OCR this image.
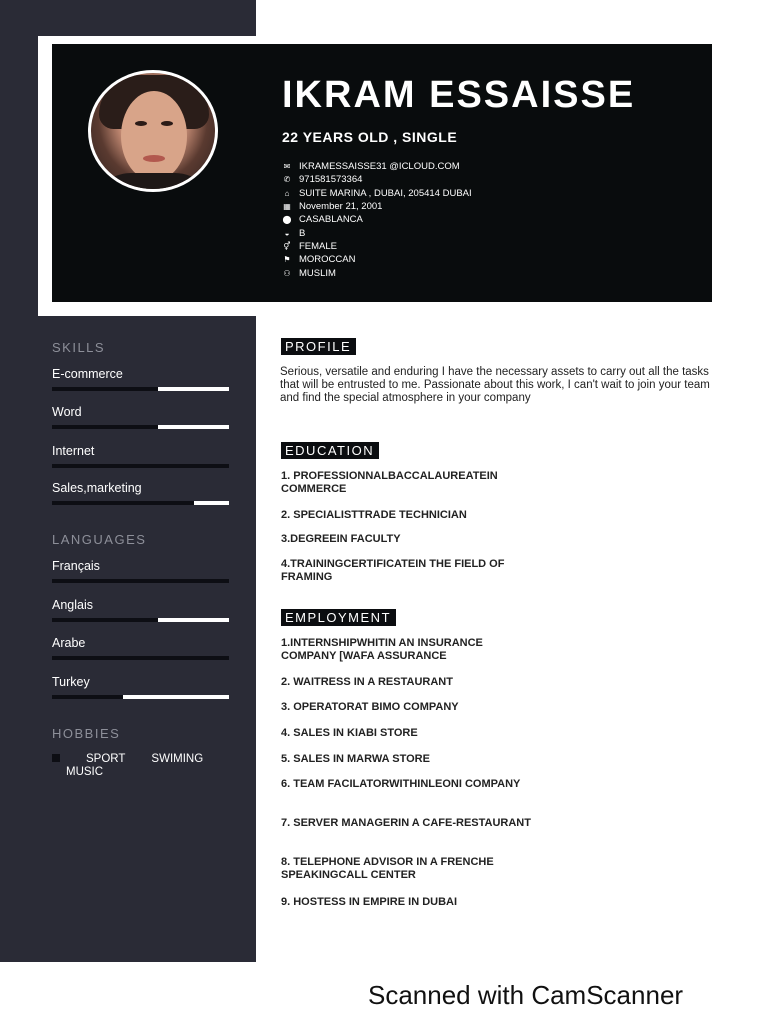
IKRAM ESSAISSE
22 YEARS OLD , SINGLE
✉ IKRAMESSAISSE31 @ICLOUD.COM
✆ 971581573364
⌂	SUITE MARINA , DUBAI, 205414 DUBAI
▦ November 21, 2001
⬤ CASABLANCA
◒	B
⚥ FEMALE
⚑ MOROCCAN
⚇ MUSLIM
SKILLS
E-commerce
Word
Internet
Sales,marketing
LANGUAGES
Français
Anglais
Arabe
Turkey
HOBBIES
SPORT SWIMING
MUSIC
PROFILE
Serious, versatile and enduring I have the necessary assets to carry out all the tasks that will be entrusted to me. Passionate about this work, I can't wait to join your team and find the special atmosphere in your company
EDUCATION
1. PROFESSIONNALBACCALAUREATEIN COMMERCE
2. SPECIALISTTRADE TECHNICIAN
3.DEGREEIN FACULTY
4.TRAININGCERTIFICATEIN THE FIELD OF FRAMING
EMPLOYMENT
1.INTERNSHIPWHITIN AN INSURANCE COMPANY [WAFA ASSURANCE
2. WAITRESS IN A RESTAURANT
3. OPERATORAT BIMO COMPANY
4. SALES IN KIABI STORE
5. SALES IN MARWA STORE
6. TEAM FACILATORWITHINLEONI COMPANY
7. SERVER MANAGERIN A CAFE-RESTAURANT
8. TELEPHONE ADVISOR IN A FRENCHE SPEAKINGCALL CENTER
9. HOSTESS IN EMPIRE IN DUBAI
Scanned with CamScanner
